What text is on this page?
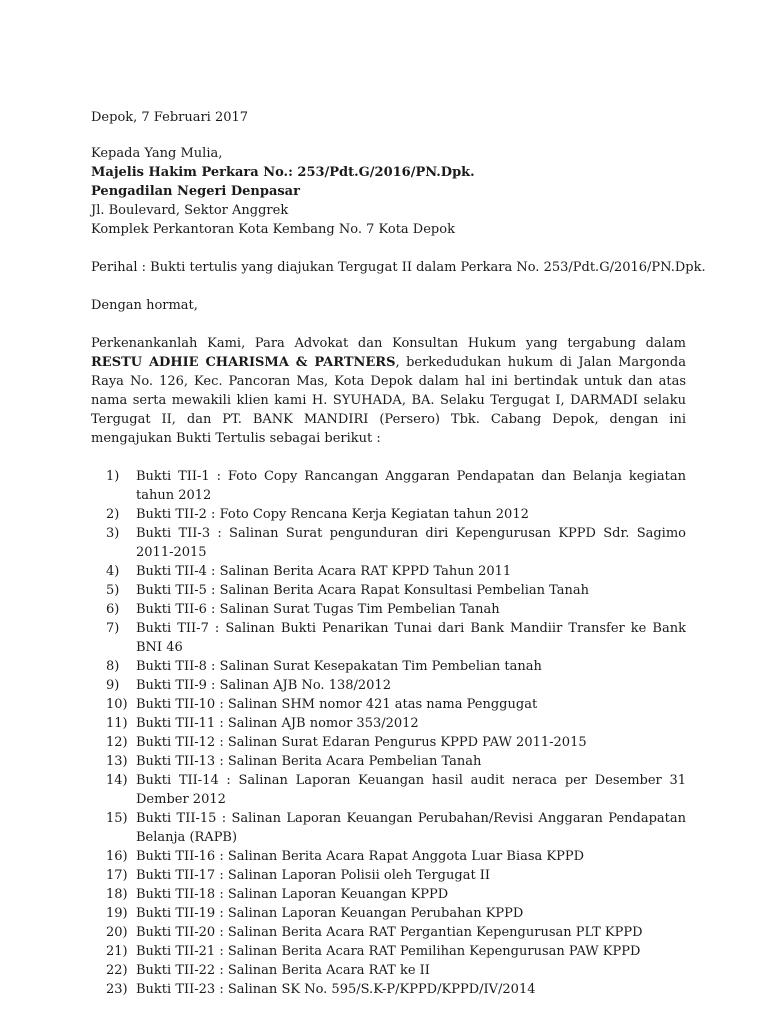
Depok, 7 Februari 2017

Kepada Yang Mulia,
Majelis Hakim Perkara No.: 253/Pdt.G/2016/PN.Dpk.
Pengadilan Negeri Denpasar
Jl. Boulevard, Sektor Anggrek
Komplek Perkantoran Kota Kembang No. 7 Kota Depok

Perihal : Bukti tertulis yang diajukan Tergugat II dalam Perkara No. 253/Pdt.G/2016/PN.Dpk.

Dengan hormat,

Perkenankanlah Kami, Para Advokat dan Konsultan Hukum yang tergabung dalam RESTU ADHIE CHARISMA & PARTNERS, berkedudukan hukum di Jalan Margonda Raya No. 126, Kec. Pancoran Mas, Kota Depok dalam hal ini bertindak untuk dan atas nama serta mewakili klien kami H. SYUHADA, BA. Selaku Tergugat I, DARMADI selaku Tergugat II, dan PT. BANK MANDIRI (Persero) Tbk. Cabang Depok, dengan ini mengajukan Bukti Tertulis sebagai berikut :

1)	Bukti TII-1 : Foto Copy Rancangan Anggaran Pendapatan dan Belanja kegiatan tahun 2012
2)	Bukti TII-2 : Foto Copy Rencana Kerja Kegiatan tahun 2012
3)	Bukti TII-3 : Salinan Surat pengunduran diri Kepengurusan KPPD Sdr. Sagimo 2011-2015
4)	Bukti TII-4 : Salinan Berita Acara RAT KPPD Tahun 2011
5)	Bukti TII-5 : Salinan Berita Acara Rapat Konsultasi Pembelian Tanah
6)	Bukti TII-6 : Salinan Surat Tugas Tim Pembelian Tanah
7)	Bukti TII-7 : Salinan Bukti Penarikan Tunai dari Bank Mandiir Transfer ke Bank BNI 46
8)	Bukti TII-8 : Salinan Surat Kesepakatan Tim Pembelian tanah
9)	Bukti TII-9 : Salinan AJB No. 138/2012
10) Bukti TII-10 : Salinan SHM nomor 421 atas nama Penggugat
11) Bukti TII-11 : Salinan AJB nomor 353/2012
12) Bukti TII-12 : Salinan Surat Edaran Pengurus KPPD PAW 2011-2015
13) Bukti TII-13 : Salinan Berita Acara Pembelian Tanah
14) Bukti TII-14 : Salinan Laporan Keuangan hasil audit neraca per Desember 31 Dember 2012
15) Bukti TII-15 : Salinan Laporan Keuangan Perubahan/Revisi Anggaran Pendapatan Belanja (RAPB)
16) Bukti TII-16 : Salinan Berita Acara Rapat Anggota Luar Biasa KPPD
17) Bukti TII-17 : Salinan Laporan Polisii oleh Tergugat II
18) Bukti TII-18 : Salinan Laporan Keuangan KPPD
19) Bukti TII-19 : Salinan Laporan Keuangan Perubahan KPPD
20) Bukti TII-20 : Salinan Berita Acara RAT Pergantian Kepengurusan PLT KPPD
21) Bukti TII-21 : Salinan Berita Acara RAT Pemilihan Kepengurusan PAW KPPD
22) Bukti TII-22 : Salinan Berita Acara RAT ke II
23) Bukti TII-23 : Salinan SK No. 595/S.K-P/KPPD/KPPD/IV/2014
